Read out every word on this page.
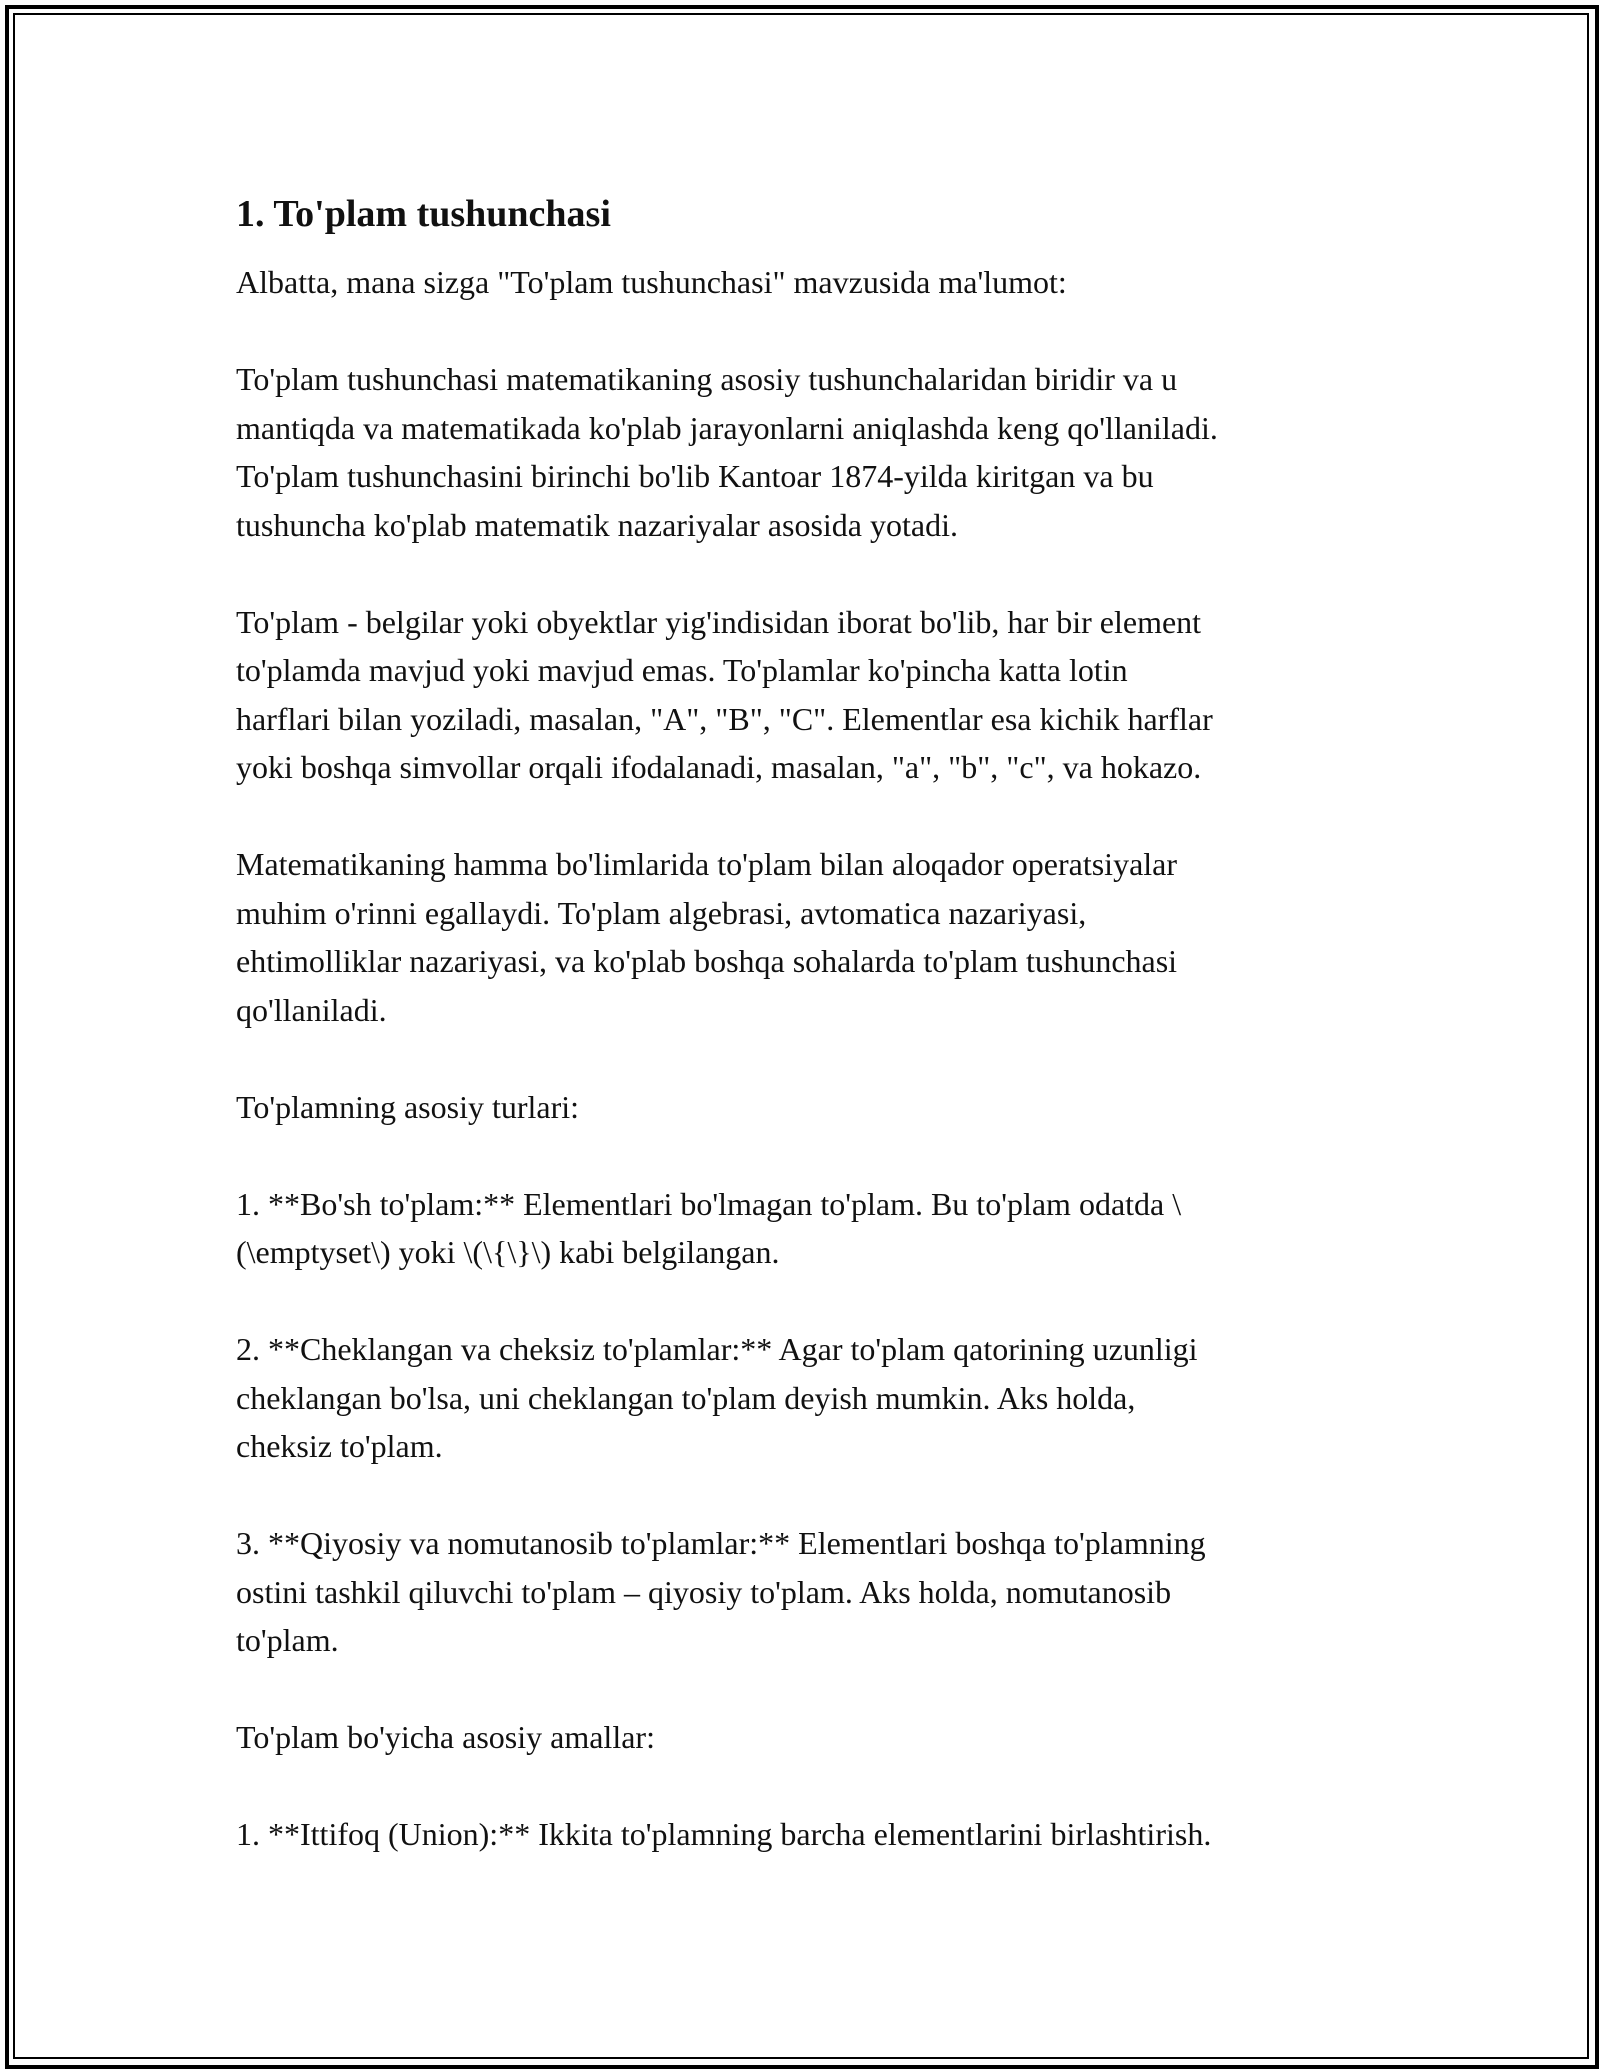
1. To'plam tushunchasi

Albatta, mana sizga "To'plam tushunchasi" mavzusida ma'lumot:

To'plam tushunchasi matematikaning asosiy tushunchalaridan biridir va u
mantiqda va matematikada ko'plab jarayonlarni aniqlashda keng qo'llaniladi.
To'plam tushunchasini birinchi bo'lib Kantoar 1874-yilda kiritgan va bu
tushuncha ko'plab matematik nazariyalar asosida yotadi.

To'plam - belgilar yoki obyektlar yig'indisidan iborat bo'lib, har bir element
to'plamda mavjud yoki mavjud emas. To'plamlar ko'pincha katta lotin
harflari bilan yoziladi, masalan, "A", "B", "C". Elementlar esa kichik harflar
yoki boshqa simvollar orqali ifodalanadi, masalan, "a", "b", "c", va hokazo.

Matematikaning hamma bo'limlarida to'plam bilan aloqador operatsiyalar
muhim o'rinni egallaydi. To'plam algebrasi, avtomatica nazariyasi,
ehtimolliklar nazariyasi, va ko'plab boshqa sohalarda to'plam tushunchasi
qo'llaniladi.

To'plamning asosiy turlari:

1. **Bo'sh to'plam:** Elementlari bo'lmagan to'plam. Bu to'plam odatda \
(\emptyset\) yoki \(\{\}\) kabi belgilangan.

2. **Cheklangan va cheksiz to'plamlar:** Agar to'plam qatorining uzunligi
cheklangan bo'lsa, uni cheklangan to'plam deyish mumkin. Aks holda,
cheksiz to'plam.

3. **Qiyosiy va nomutanosib to'plamlar:** Elementlari boshqa to'plamning
ostini tashkil qiluvchi to'plam – qiyosiy to'plam. Aks holda, nomutanosib
to'plam.

To'plam bo'yicha asosiy amallar:

1. **Ittifoq (Union):** Ikkita to'plamning barcha elementlarini birlashtirish.
